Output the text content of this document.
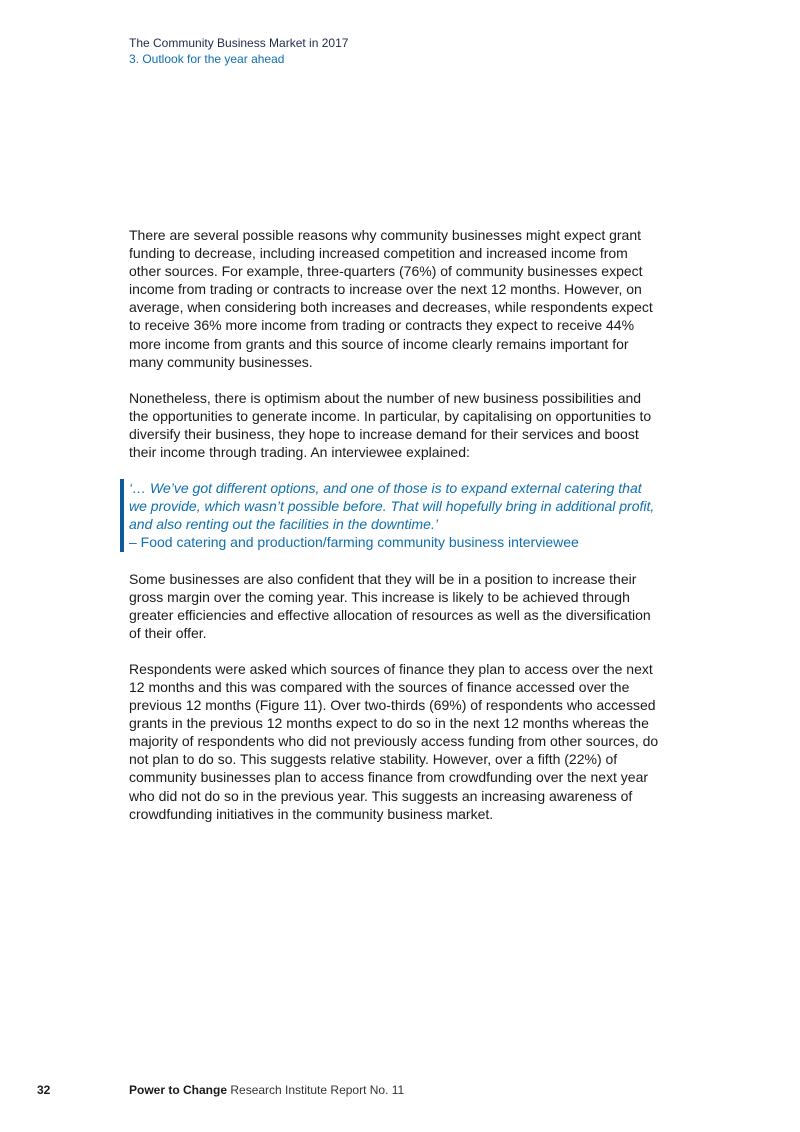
The Community Business Market in 2017
3. Outlook for the year ahead

There are several possible reasons why community businesses might expect grant funding to decrease, including increased competition and increased income from other sources. For example, three-quarters (76%) of community businesses expect income from trading or contracts to increase over the next 12 months. However, on average, when considering both increases and decreases, while respondents expect to receive 36% more income from trading or contracts they expect to receive 44% more income from grants and this source of income clearly remains important for many community businesses.

Nonetheless, there is optimism about the number of new business possibilities and the opportunities to generate income. In particular, by capitalising on opportunities to diversify their business, they hope to increase demand for their services and boost their income through trading. An interviewee explained:

‘… We’ve got different options, and one of those is to expand external catering that we provide, which wasn’t possible before. That will hopefully bring in additional profit, and also renting out the facilities in the downtime.’
– Food catering and production/farming community business interviewee

Some businesses are also confident that they will be in a position to increase their gross margin over the coming year. This increase is likely to be achieved through greater efficiencies and effective allocation of resources as well as the diversification of their offer.

Respondents were asked which sources of finance they plan to access over the next 12 months and this was compared with the sources of finance accessed over the previous 12 months (Figure 11). Over two-thirds (69%) of respondents who accessed grants in the previous 12 months expect to do so in the next 12 months whereas the majority of respondents who did not previously access funding from other sources, do not plan to do so. This suggests relative stability. However, over a fifth (22%) of community businesses plan to access finance from crowdfunding over the next year who did not do so in the previous year. This suggests an increasing awareness of crowdfunding initiatives in the community business market.

32	Power to Change Research Institute Report No. 11
